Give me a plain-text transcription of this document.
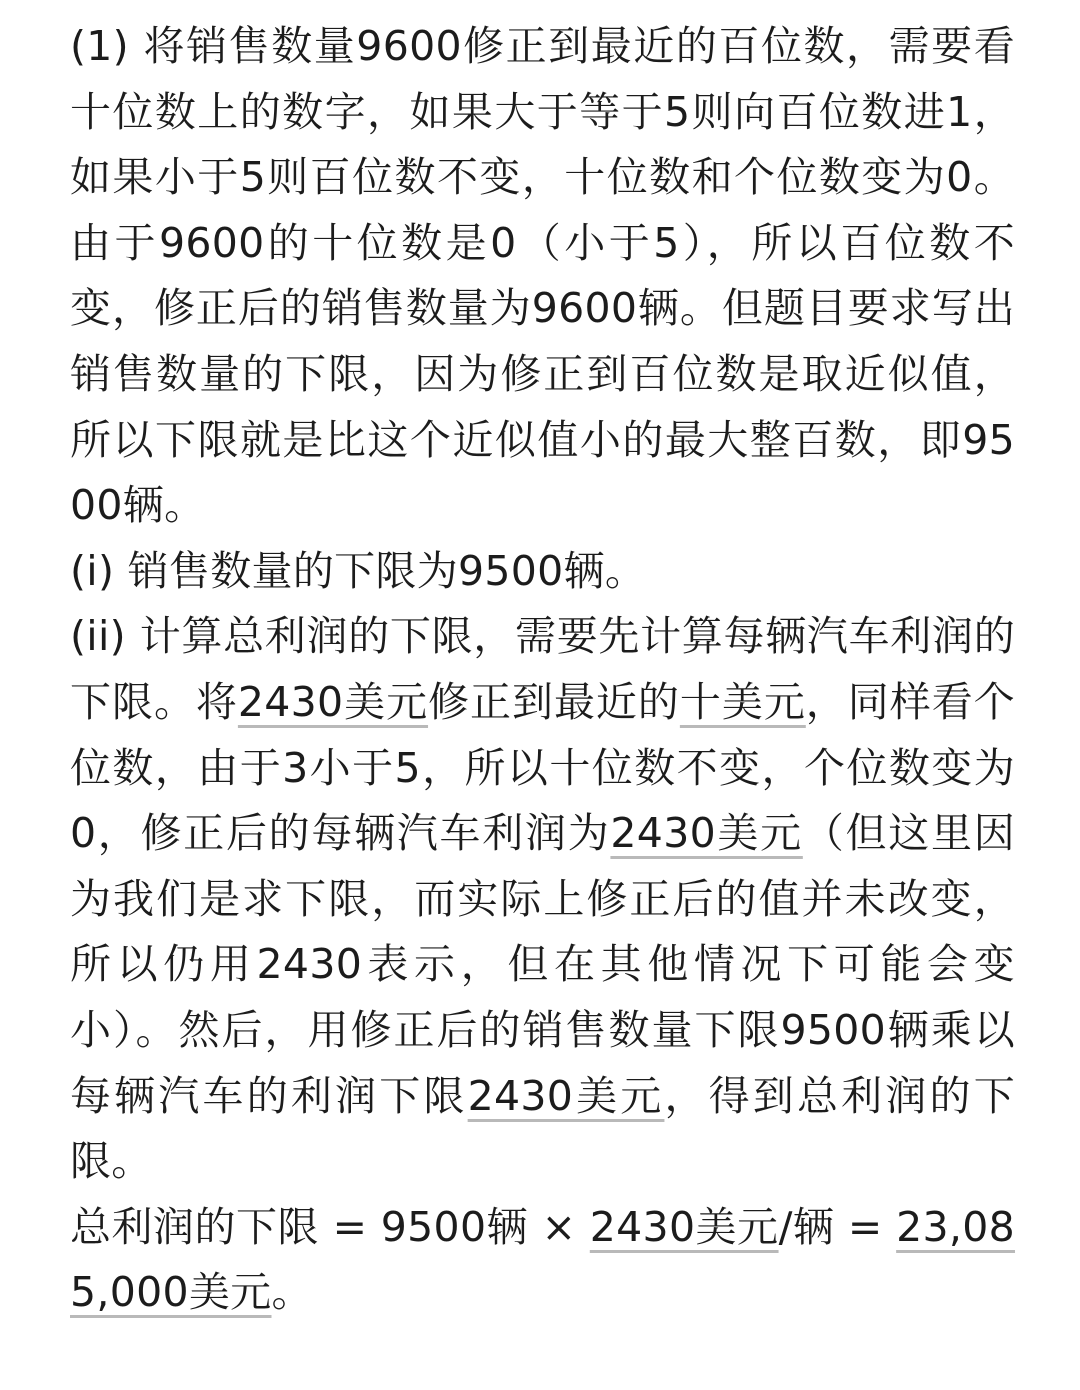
(1) 将销售数量9600修正到最近的百位数，需要看十位数上的数字，如果大于等于5则向百位数进1，如果小于5则百位数不变，十位数和个位数变为0。由于9600的十位数是0（小于5），所以百位数不变，修正后的销售数量为9600辆。但题目要求写出销售数量的下限，因为修正到百位数是取近似值，所以下限就是比这个近似值小的最大整百数，即9500辆。

(i) 销售数量的下限为9500辆。

(ii) 计算总利润的下限，需要先计算每辆汽车利润的下限。将2430美元修正到最近的十美元，同样看个位数，由于3小于5，所以十位数不变，个位数变为0，修正后的每辆汽车利润为2430美元（但这里因为我们是求下限，而实际上修正后的值并未改变，所以仍用2430表示，但在其他情况下可能会变小）。然后，用修正后的销售数量下限9500辆乘以每辆汽车的利润下限2430美元，得到总利润的下限。

总利润的下限 = 9500辆 × 2430美元/辆 = 23,085,000美元。
